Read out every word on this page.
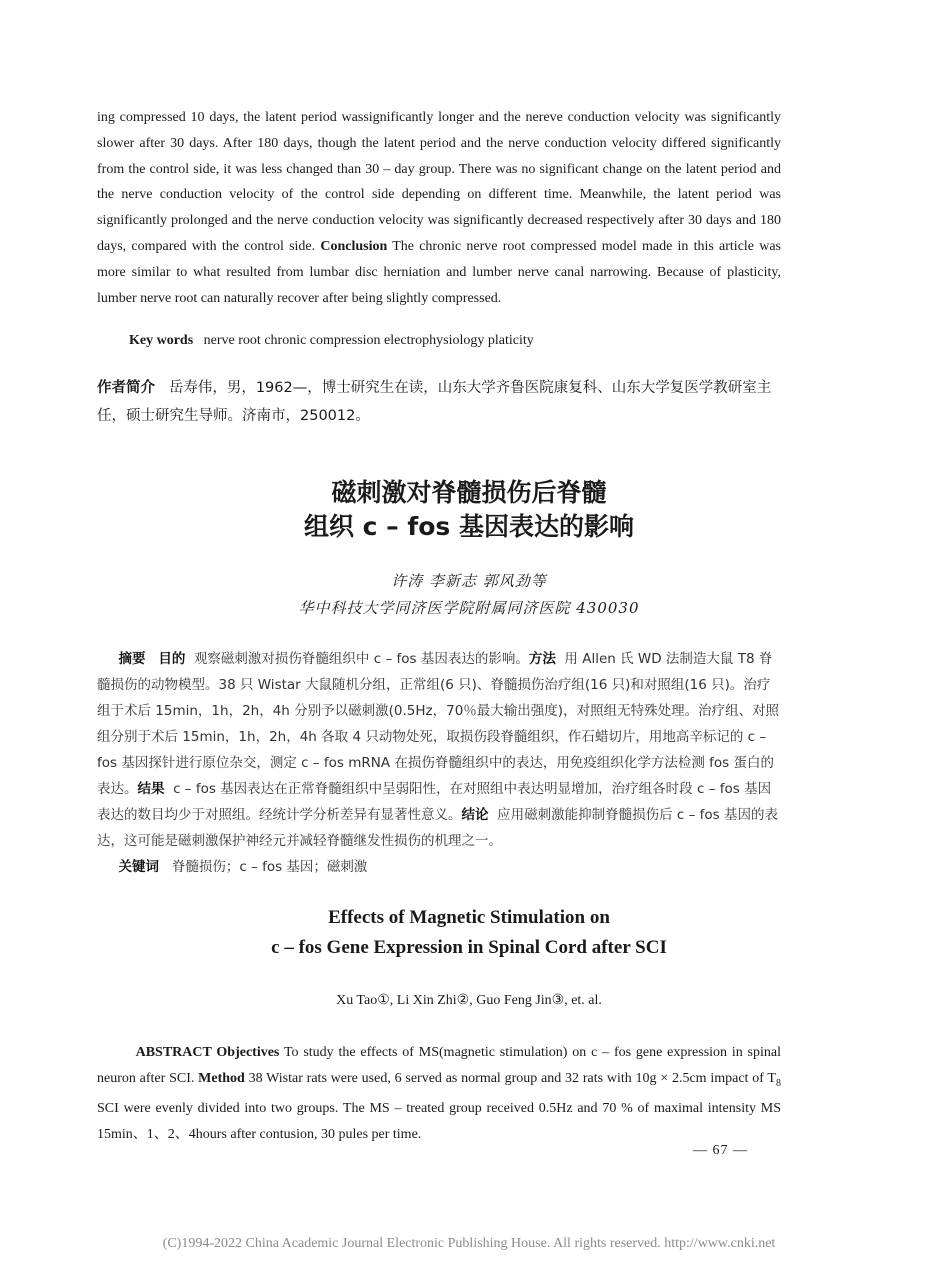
ing compressed 10 days, the latent period wassignificantly longer and the nereve conduction velocity was significantly slower after 30 days. After 180 days, though the latent period and the nerve conduction velocity differed significantly from the control side, it was less changed than 30 – day group. There was no significant change on the latent period and the nerve conduction velocity of the control side depending on different time. Meanwhile, the latent period was significantly prolonged and the nerve conduction velocity was significantly decreased respectively after 30 days and 180 days, compared with the control side. Conclusion The chronic nerve root compressed model made in this article was more similar to what resulted from lumbar disc herniation and lumber nerve canal narrowing. Because of plasticity, lumber nerve root can naturally recover after being slightly compressed.

Key words nerve root chronic compression electrophysiology platicity

作者简介 岳寿伟，男，1962—，博士研究生在读，山东大学齐鲁医院康复科、山东大学复医学教研室主任，硕士研究生导师。济南市，250012。

磁刺激对脊髓损伤后脊髓
组织 c – fos 基因表达的影响
许涛 李新志 郭风劲等
华中科技大学同济医学院附属同济医院 430030

摘要 目的 观察磁刺激对损伤脊髓组织中 c – fos 基因表达的影响。方法 用 Allen 氏 WD 法制造大鼠 T8 脊髓损伤的动物模型。38 只 Wistar 大鼠随机分组，正常组(6 只)、脊髓损伤治疗组(16 只)和对照组(16 只)。治疗组于术后 15min，1h，2h，4h 分别予以磁刺激(0.5Hz，70％最大输出强度)，对照组无特殊处理。治疗组、对照组分别于术后 15min，1h，2h，4h 各取 4 只动物处死，取损伤段脊髓组织，作石蜡切片，用地高辛标记的 c – fos 基因探针进行原位杂交，测定 c – fos mRNA 在损伤脊髓组织中的表达，用免疫组织化学方法检测 fos 蛋白的表达。结果 c – fos 基因表达在正常脊髓组织中呈弱阳性，在对照组中表达明显增加，治疗组各时段 c – fos 基因表达的数目均少于对照组。经统计学分析差异有显著性意义。结论 应用磁刺激能抑制脊髓损伤后 c – fos 基因的表达，这可能是磁刺激保护神经元并减轻脊髓继发性损伤的机理之一。
关键词 脊髓损伤；c – fos 基因；磁刺激

Effects of Magnetic Stimulation on
c – fos Gene Expression in Spinal Cord after SCI
Xu Tao①, Li Xin Zhi②, Guo Feng Jin③, et. al.

ABSTRACT Objectives To study the effects of MS(magnetic stimulation) on c – fos gene expression in spinal neuron after SCI. Method 38 Wistar rats were used, 6 served as normal group and 32 rats with 10g × 2.5cm impact of $T_8$ SCI were evenly divided into two groups. The MS – treated group received 0.5Hz and 70 % of maximal intensity MS 15min、1、2、4hours after contusion, 30 pules per time.

— 67 —
(C)1994-2022 China Academic Journal Electronic Publishing House. All rights reserved. http://www.cnki.net
